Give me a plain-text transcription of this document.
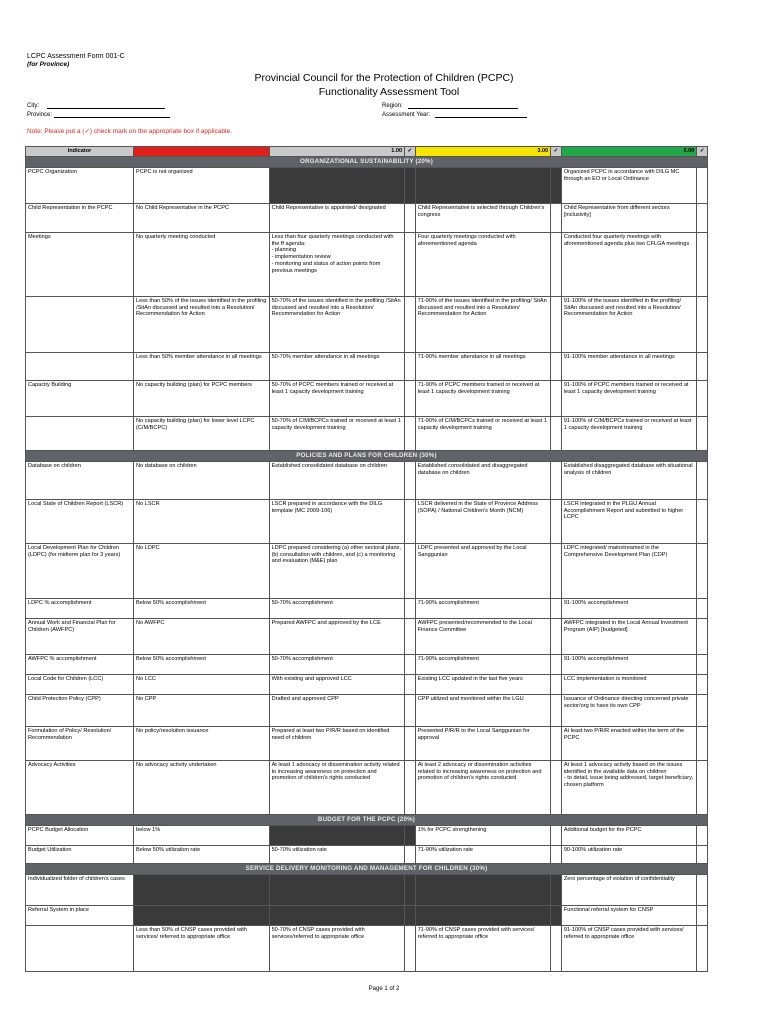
LCPC Assessment Form 001-C
(for Province)
Provincial Council for the Protection of Children (PCPC)
Functionality Assessment Tool
City:
Province:
Region:
Assessment Year:
Note: Please put a (✓) check mark on the appropriate box if applicable.
Indicator		1.00	✓	3.00	✓	5.00	✓
ORGANIZATIONAL SUSTAINABILITY (20%)							
PCPC Organization	PCPC is not organized					Organized PCPC in accordance with DILG MC through an EO or Local Ordinance	
Child Representation in the PCPC	No Child Representative in the PCPC	Child Representative is appointed/ designated		Child Representative is selected through Children's congress		Child Representative from different sectors [inclusivity]	
Meetings	No quarterly meeting conducted	Less than four quarterly meetings conducted with the ff agenda:
- planning
- implementation review
- monitoring and status of action points from previous meetings		Four quarterly meetings conducted with aforementioned agenda		Conducted four quarterly meetings with aforementioned agenda plus two CFLGA meetings	
	Less than 50% of the issues identified in the profiling /SitAn discussed and resulted into a Resolution/ Recommendation for Action	50-70% of the issues identified in the profiling /SitAn discussed and resulted into a Resolution/ Recommendation for Action		71-90% of the issues identified in the profiling/ SitAn discussed and resulted into a Resolution/ Recommendation for Action		91-100% of the issues identified in the profiling/ SitAn discussed and resulted into a Resolution/ Recommendation for Action	
	Less than 50% member attendance in all meetings	50-70% member attendance in all meetings		71-90% member attendance in all meetings		91-100% member attendance in all meetings	
Capacity Building	No capacity building (plan) for PCPC members	50-70% of PCPC members trained or received at least 1 capacity development training		71-90% of PCPC members trained or received at least 1 capacity development training		91-100% of PCPC members trained or received at least 1 capacity development training	
	No capacity building (plan) for lower level LCPC (C/M/BCPC)	50-70% of C/M/BCPCs trained or received at least 1 capacity development training		71-90% of C/M/BCPCs trained or received at least 1 capacity development training		91-100% of C/M/BCPCs trained or received at least 1 capacity development training	
POLICIES AND PLANS FOR CHILDREN (30%)							
Database on children	No database on children	Established consolidated database on children		Established consolidated and disaggregated database on children		Established disaggregated database with situational analysis of children	
Local State of Children Report (LSCR)	No LSCR	LSCR prepared in accordance with the DILG template (MC 2009-106)		LSCR delivered in the State of Province Address (SOPA) / National Children's Month (NCM)		LSCR integrated in the PLGU Annual Accomplishment Report and submitted to higher LCPC	
Local Development Plan for Children (LDPC) (for midterm plan for 3 years)	No LDPC	LDPC prepared considering (a) other sectoral plans, (b) consultation with children, and (c) a monitoring and evaluation (M&E) plan		LDPC presented and approved by the Local Sanggunian		LDPC integrated/ mainstreamed in the Comprehensive Development Plan (CDP)	
LDPC % accomplishment	Below 50% accomplishment	50-70% accomplishment		71-90% accomplishment		91-100% accomplishment	
Annual Work and Financial Plan for Children (AWFPC)	No AWFPC	Prepared AWFPC and approved by the LCE		AWFPC presented/recommended to the Local Finance Committee		AWFPC integrated in the Local Annual Investment Program (AIP) [budgeted]	
AWFPC % accomplishment	Below 50% accomplishment	50-70% accomplishment		71-90% accomplishment		91-100% accomplishment	
Local Code for Children (LCC)	No LCC	With existing and approved LCC		Existing LCC updated in the last five years		LCC implementation is monitored	
Child Protection Policy (CPP)	No CPP	Drafted and approved CPP		CPP utilized and monitored within the LGU		Issuance of Ordinance directing concerned private sector/org to have its own CPP	
Formulation of Policy/ Resolution/ Recommendation	No policy/resolution issuance	Prepared at least two P/R/R based on identified need of children		Presented P/R/R to the Local Sanggunian for approval		At least two P/R/R enacted within the term of the PCPC	
Advocacy Activities	No advocacy activity undertaken	At least 1 advocacy or dissemination activity related to increasing awareness on protection and promotion of children's rights conducted		At least 2 advocacy or dissemination activities related to increasing awareness on protection and promotion of children's rights conducted		At least 1 advocacy activity based on the issues identified in the available data on children
- to detail, issue being addressed, target beneficiary, chosen platform	
BUDGET FOR THE PCPC (20%)							
PCPC Budget Allocation	below 1%			1% for PCPC strengthening		Additional budget for the PCPC	
Budget Utilization	Below 50% utilization rate	50-70% utilization rate		71-90% utilization rate		90-100% utilization rate	
SERVICE DELIVERY MONITORING AND MANAGEMENT FOR CHILDREN (30%)							
Individualized folder of children's cases						Zero percentage of violation of confidentiality	
Referral System in place						Functional referral system for CNSP	
	Less than 50% of CNSP cases provided with services/ referred to appropriate office	50-70% of CNSP cases provided with services/referred to appropriate office		71-90% of CNSP cases provided with services/ referred to appropriate office		91-100% of CNSP cases provided with services/ referred to appropriate office	
Page 1 of 2
